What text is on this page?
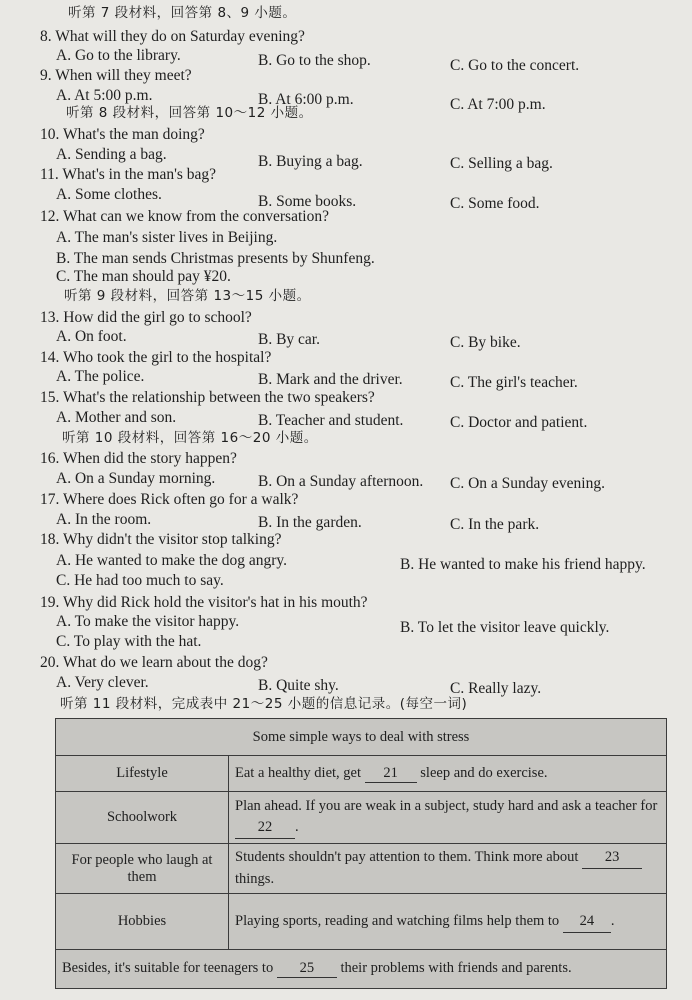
听第 7 段材料，回答第 8、9 小题。
8. What will they do on Saturday evening?
A. Go to the library.	B. Go to the shop.	C. Go to the concert.
9. When will they meet?
A. At 5:00 p.m.	B. At 6:00 p.m.	C. At 7:00 p.m.
听第 8 段材料，回答第 10～12 小题。
10. What's the man doing?
A. Sending a bag.	B. Buying a bag.	C. Selling a bag.
11. What's in the man's bag?
A. Some clothes.	B. Some books.	C. Some food.
12. What can we know from the conversation?
A. The man's sister lives in Beijing.
B. The man sends Christmas presents by Shunfeng.
C. The man should pay ¥20.
听第 9 段材料，回答第 13～15 小题。
13. How did the girl go to school?
A. On foot.	B. By car.	C. By bike.
14. Who took the girl to the hospital?
A. The police.	B. Mark and the driver.	C. The girl's teacher.
15. What's the relationship between the two speakers?
A. Mother and son.	B. Teacher and student.	C. Doctor and patient.
听第 10 段材料，回答第 16～20 小题。
16. When did the story happen?
A. On a Sunday morning.	B. On a Sunday afternoon. C. On a Sunday evening.
17. Where does Rick often go for a walk?
A. In the room.	B. In the garden.	C. In the park.
18. Why didn't the visitor stop talking?
A. He wanted to make the dog angry.	B. He wanted to make his friend happy.
C. He had too much to say.
19. Why did Rick hold the visitor's hat in his mouth?
A. To make the visitor happy.	B. To let the visitor leave quickly.
C. To play with the hat.
20. What do we learn about the dog?
A. Very clever.	B. Quite shy.	C. Really lazy.
听第 11 段材料，完成表中 21～25 小题的信息记录。(每空一词)
Some simple ways to deal with stress	
Lifestyle	Eat a healthy diet, get 21 sleep and do exercise.
Schoolwork	Plan ahead. If you are weak in a subject, study hard and ask a teacher for 22 .
For people who laugh at them	Students shouldn't pay attention to them. Think more about 23 things.
Hobbies	Playing sports, reading and watching films help them to 24 .
Besides, it's suitable for teenagers to 25 their problems with friends and parents.	
